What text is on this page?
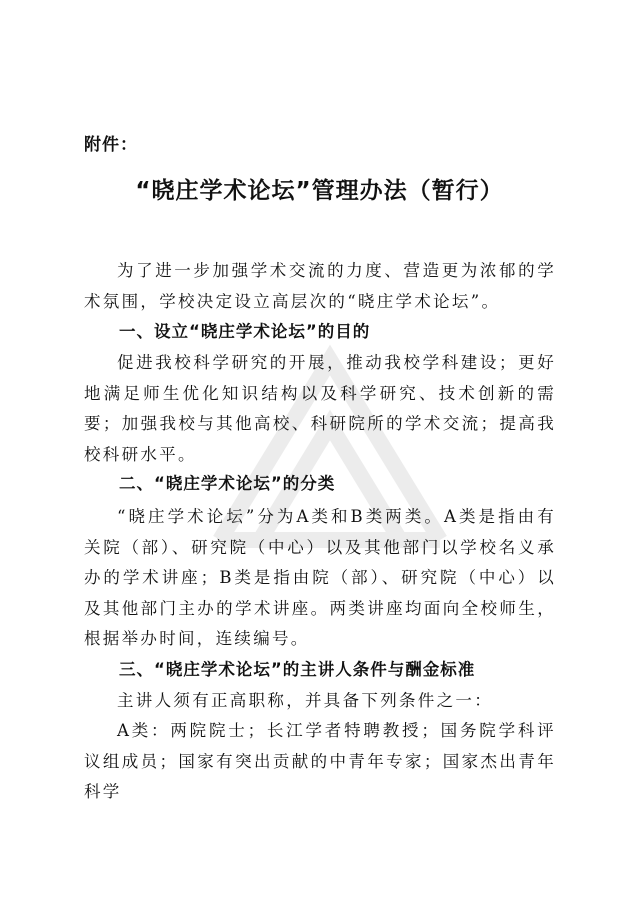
附件：
“晓庄学术论坛”管理办法（暂行）

为了进一步加强学术交流的力度、营造更为浓郁的学术氛围，学校决定设立高层次的“晓庄学术论坛”。

一、设立“晓庄学术论坛”的目的

促进我校科学研究的开展，推动我校学科建设；更好地满足师生优化知识结构以及科学研究、技术创新的需要；加强我校与其他高校、科研院所的学术交流；提高我校科研水平。

二、“晓庄学术论坛”的分类

“晓庄学术论坛”分为A类和B类两类。A类是指由有关院（部）、研究院（中心）以及其他部门以学校名义承办的学术讲座；B类是指由院（部）、研究院（中心）以及其他部门主办的学术讲座。两类讲座均面向全校师生，根据举办时间，连续编号。

三、“晓庄学术论坛”的主讲人条件与酬金标准

主讲人须有正高职称，并具备下列条件之一：

A类：两院院士；长江学者特聘教授；国务院学科评议组成员；国家有突出贡献的中青年专家；国家杰出青年科学
